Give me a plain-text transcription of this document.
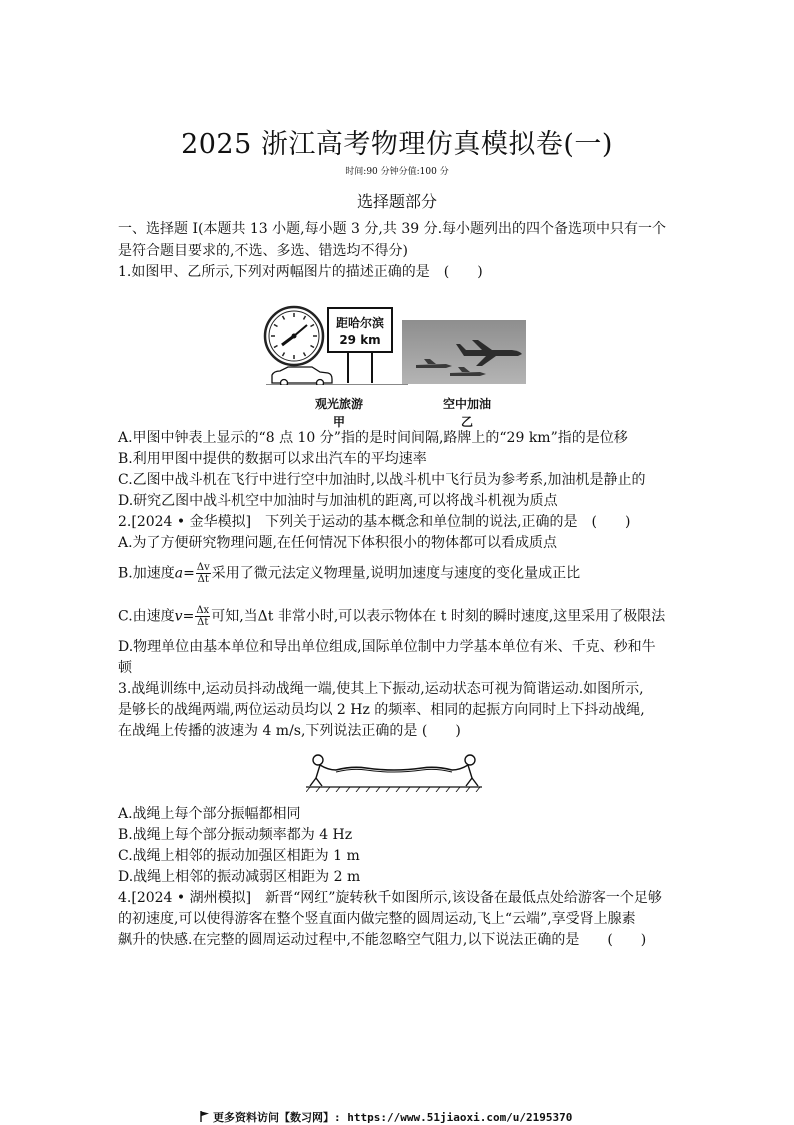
2025 浙江高考物理仿真模拟卷(一)
时间:90 分钟分值:100 分
选择题部分
一、选择题 Ⅰ(本题共 13 小题,每小题 3 分,共 39 分.每小题列出的四个备选项中只有一个
是符合题目要求的,不选、多选、错选均不得分)
1.如图甲、乙所示,下列对两幅图片的描述正确的是　(　　)
距哈尔滨
29 km
观光旅游
甲
空中加油
乙
A.甲图中钟表上显示的“8 点 10 分”指的是时间间隔,路牌上的“29 km”指的是位移
B.利用甲图中提供的数据可以求出汽车的平均速率
C.乙图中战斗机在飞行中进行空中加油时,以战斗机中飞行员为参考系,加油机是静止的
D.研究乙图中战斗机空中加油时与加油机的距离,可以将战斗机视为质点
2.[2024 • 金华模拟]　下列关于运动的基本概念和单位制的说法,正确的是　(　　)
A.为了方便研究物理问题,在任何情况下体积很小的物体都可以看成质点
B.加速度$a= \frac{\Delta v}{\Delta t}$ 采用了微元法定义物理量,说明加速度与速度的变化量成正比
C.由速度$v= \frac{\Delta x}{\Delta t}$ 可知,当Δt 非常小时,可以表示物体在 t 时刻的瞬时速度,这里采用了极限法
D.物理单位由基本单位和导出单位组成,国际单位制中力学基本单位有米、千克、秒和牛
顿
3.战绳训练中,运动员抖动战绳一端,使其上下振动,运动状态可视为简谐运动.如图所示,
是够长的战绳两端,两位运动员均以 2 Hz 的频率、相同的起振方向同时上下抖动战绳,
在战绳上传播的波速为 4 m/s,下列说法正确的是 (　　)
A.战绳上每个部分振幅都相同
B.战绳上每个部分振动频率都为 4 Hz
C.战绳上相邻的振动加强区相距为 1 m
D.战绳上相邻的振动减弱区相距为 2 m
4.[2024 • 湖州模拟]　新晋“网红”旋转秋千如图所示,该设备在最低点处给游客一个足够
的初速度,可以使得游客在整个竖直面内做完整的圆周运动,飞上“云端”,享受肾上腺素
飙升的快感.在完整的圆周运动过程中,不能忽略空气阻力,以下说法正确的是　　(　　)
更多资料访问【数习网】: https://www.51jiaoxi.com/u/2195370
